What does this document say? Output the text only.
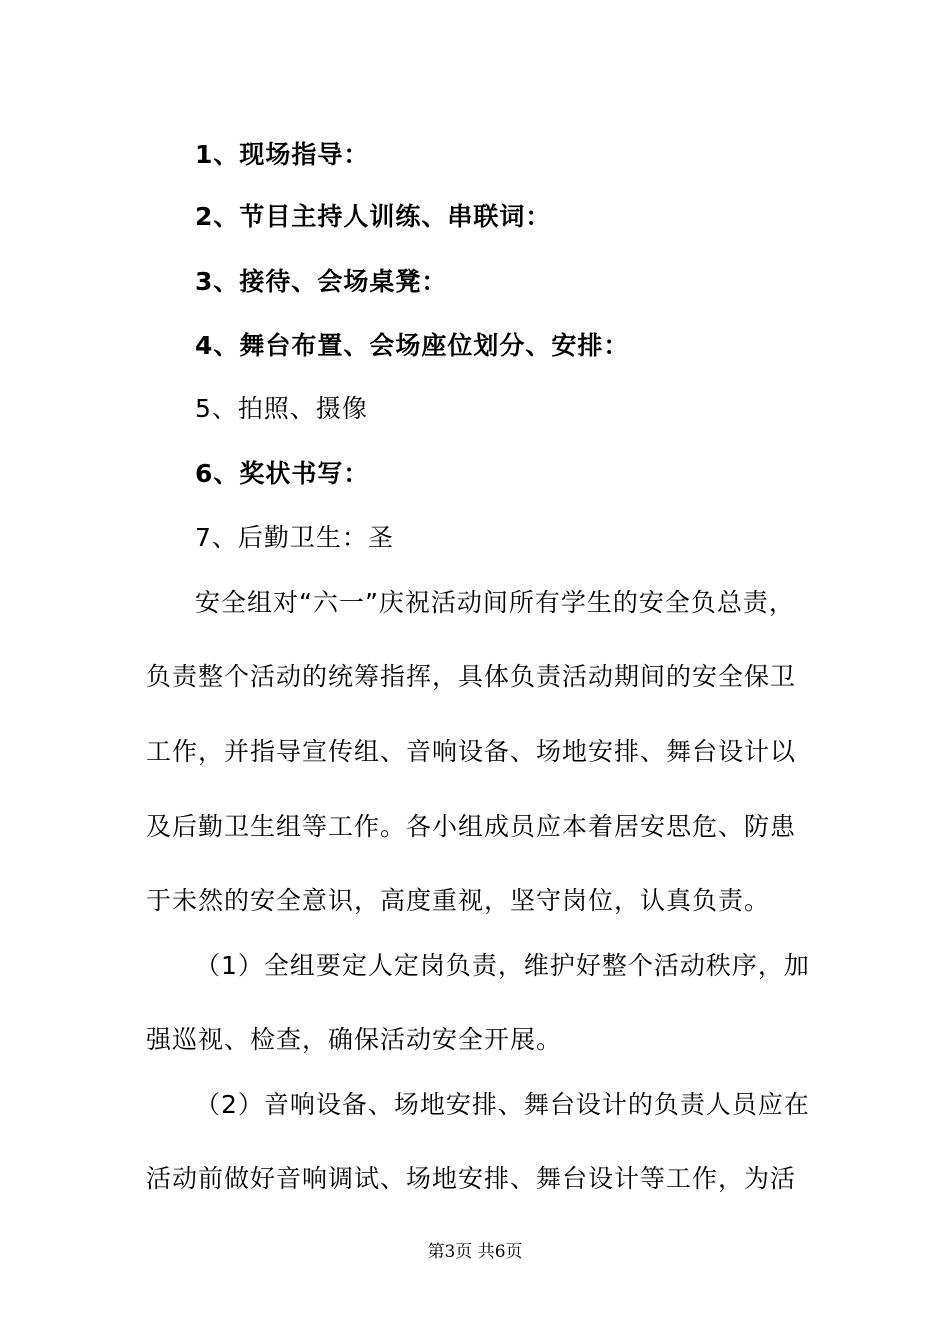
1、现场指导：
2、节目主持人训练、串联词：
3、接待、会场桌凳：
4、舞台布置、会场座位划分、安排：
5、拍照、摄像
6、奖状书写：
7、后勤卫生：圣
安全组对“六一”庆祝活动间所有学生的安全负总责，
负责整个活动的统筹指挥，具体负责活动期间的安全保卫
工作，并指导宣传组、音响设备、场地安排、舞台设计以
及后勤卫生组等工作。各小组成员应本着居安思危、防患
于未然的安全意识，高度重视，坚守岗位，认真负责。
（1）全组要定人定岗负责，维护好整个活动秩序，加
强巡视、检查，确保活动安全开展。
（2）音响设备、场地安排、舞台设计的负责人员应在
活动前做好音响调试、场地安排、舞台设计等工作，为活
第3页 共6页
